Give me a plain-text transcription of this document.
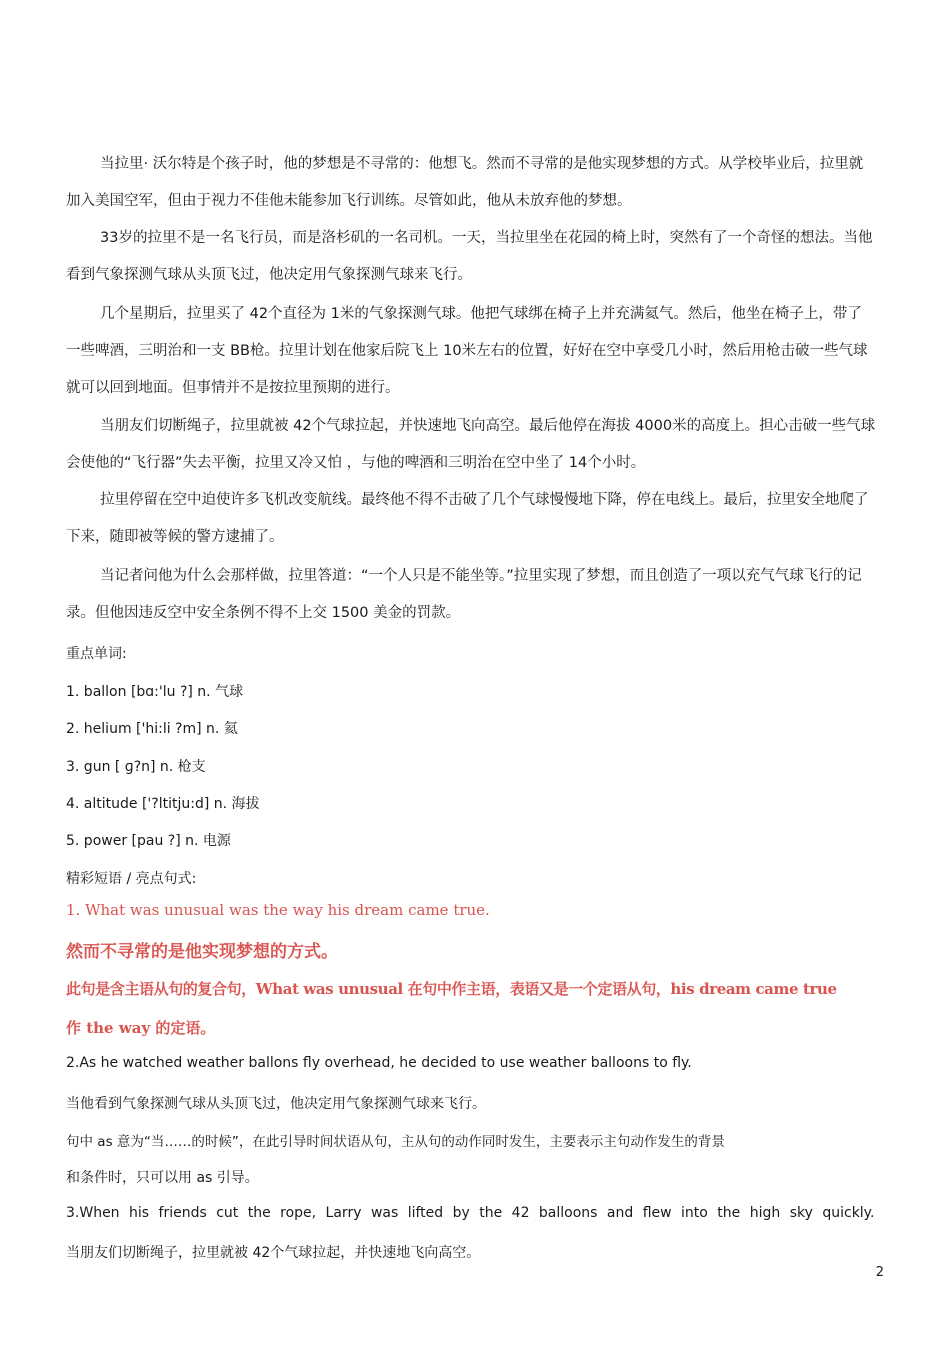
当拉里· 沃尔特是个孩子时，他的梦想是不寻常的：他想飞。然而不寻常的是他实现梦想的方式。从学校毕业后，拉里就加入美国空军，但由于视力不佳他未能参加飞行训练。尽管如此，他从未放弃他的梦想。

33岁的拉里不是一名飞行员，而是洛杉矶的一名司机。一天，当拉里坐在花园的椅上时，突然有了一个奇怪的想法。当他看到气象探测气球从头顶飞过，他决定用气象探测气球来飞行。

几个星期后，拉里买了 42个直径为 1米的气象探测气球。他把气球绑在椅子上并充满氦气。然后，他坐在椅子上，带了一些啤酒，三明治和一支 BB枪。拉里计划在他家后院飞上 10米左右的位置，好好在空中享受几小时，然后用枪击破一些气球就可以回到地面。但事情并不是按拉里预期的进行。

当朋友们切断绳子，拉里就被 42个气球拉起，并快速地飞向高空。最后他停在海拔 4000米的高度上。担心击破一些气球会使他的“飞行器”失去平衡，拉里又冷又怕 ，与他的啤酒和三明治在空中坐了 14个小时。

拉里停留在空中迫使许多飞机改变航线。最终他不得不击破了几个气球慢慢地下降，停在电线上。最后，拉里安全地爬了下来，随即被等候的警方逮捕了。

当记者问他为什么会那样做，拉里答道：“一个人只是不能坐等。”拉里实现了梦想，而且创造了一项以充气气球飞行的记录。但他因违反空中安全条例不得不上交 1500 美金的罚款。

重点单词:

1. ballon [bɑ:'lu ?] n. 气球

2. helium ['hi:li ?m] n. 氦

3. gun [ ɡ?n] n. 枪支

4. altitude ['?ltitju:d] n. 海拔

5. power [pau ?] n. 电源

精彩短语 / 亮点句式:

1. What was unusual was the way his dream came true.

然而不寻常的是他实现梦想的方式。

此句是含主语从句的复合句，What was unusual 在句中作主语，表语又是一个定语从句，his dream came true

作 the way 的定语。

2.As he watched weather ballons fly overhead, he decided to use weather balloons to fly.

当他看到气象探测气球从头顶飞过，他决定用气象探测气球来飞行。

句中 as 意为“当……的时候”，在此引导时间状语从句，主从句的动作同时发生，主要表示主句动作发生的背景

和条件时，只可以用 as 引导。

3.When his friends cut the rope, Larry was lifted by the 42 balloons and flew into the high sky quickly.

当朋友们切断绳子，拉里就被 42个气球拉起，并快速地飞向高空。

2
